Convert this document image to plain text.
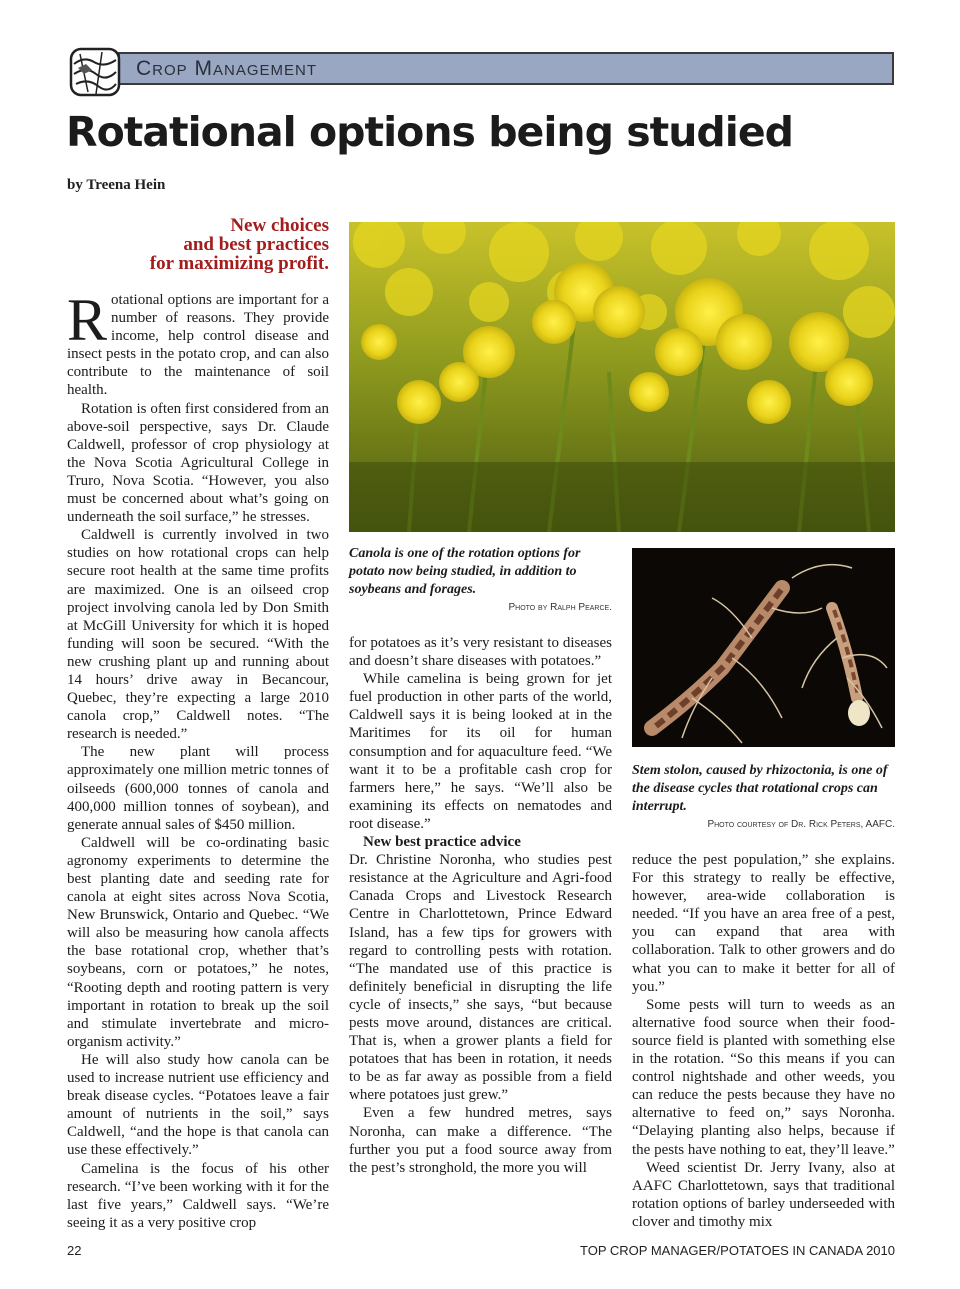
Crop Management
Rotational options being studied
by Treena Hein
New choices
and best practices
for maximizing profit.

Rotational options are important for a number of reasons. They provide income, help control disease and insect pests in the potato crop, and can also contribute to the maintenance of soil health.

Rotation is often first considered from an above-soil perspective, says Dr. Claude Caldwell, professor of crop physiology at the Nova Scotia Agricultural College in Truro, Nova Scotia. “However, you also must be concerned about what’s going on underneath the soil surface,” he stresses.

Caldwell is currently involved in two studies on how rotational crops can help secure root health at the same time profits are maximized. One is an oilseed crop project involving canola led by Don Smith at McGill University for which it is hoped funding will soon be secured. “With the new crushing plant up and running about 14 hours’ drive away in Becancour, Quebec, they’re expecting a large 2010 canola crop,” Caldwell notes. “The research is needed.”

The new plant will process approximately one million metric tonnes of oilseeds (600,000 tonnes of canola and 400,000 million tonnes of soybean), and generate annual sales of $450 million.

Caldwell will be co-ordinating basic agronomy experiments to determine the best planting date and seeding rate for canola at eight sites across Nova Scotia, New Brunswick, Ontario and Quebec. “We will also be measuring how canola affects the base rotational crop, whether that’s soybeans, corn or potatoes,” he notes, “Rooting depth and rooting pattern is very important in rotation to break up the soil and stimulate invertebrate and micro-organism activity.”

He will also study how canola can be used to increase nutrient use efficiency and break disease cycles. “Potatoes leave a fair amount of nutrients in the soil,” says Caldwell, “and the hope is that canola can use these effectively.”

Camelina is the focus of his other research. “I’ve been working with it for the last five years,” Caldwell says. “We’re seeing it as a very positive crop

Canola is one of the rotation options for potato now being studied, in addition to soybeans and forages.
Photo by Ralph Pearce.
Stem stolon, caused by rhizoctonia, is one of the disease cycles that rotational crops can interrupt.
Photo courtesy of Dr. Rick Peters, AAFC.

for potatoes as it’s very resistant to diseases and doesn’t share diseases with potatoes.”

While camelina is being grown for jet fuel production in other parts of the world, Caldwell says it is being looked at in the Maritimes for its oil for human consumption and for aquaculture feed. “We want it to be a profitable cash crop for farmers here,” he says. “We’ll also be examining its effects on nematodes and root disease.”

New best practice advice

Dr. Christine Noronha, who studies pest resistance at the Agriculture and Agri-food Canada Crops and Livestock Research Centre in Charlottetown, Prince Edward Island, has a few tips for growers with regard to controlling pests with rotation. “The mandated use of this practice is definitely beneficial in disrupting the life cycle of insects,” she says, “but because pests move around, distances are critical. That is, when a grower plants a field for potatoes that has been in rotation, it needs to be as far away as possible from a field where potatoes just grew.”

Even a few hundred metres, says Noronha, can make a difference. “The further you put a food source away from the pest’s stronghold, the more you will

reduce the pest population,” she explains. For this strategy to really be effective, however, area-wide collaboration is needed. “If you have an area free of a pest, you can expand that area with collaboration. Talk to other growers and do what you can to make it better for all of you.”

Some pests will turn to weeds as an alternative food source when their food-source field is planted with something else in the rotation. “So this means if you can control nightshade and other weeds, you can reduce the pests because they have no alternative to feed on,” says Noronha. “Delaying planting also helps, because if the pests have nothing to eat, they’ll leave.”

Weed scientist Dr. Jerry Ivany, also at AAFC Charlottetown, says that traditional rotation options of barley underseeded with clover and timothy mix

22	TOP CROP MANAGER/POTATOES IN CANADA 2010
